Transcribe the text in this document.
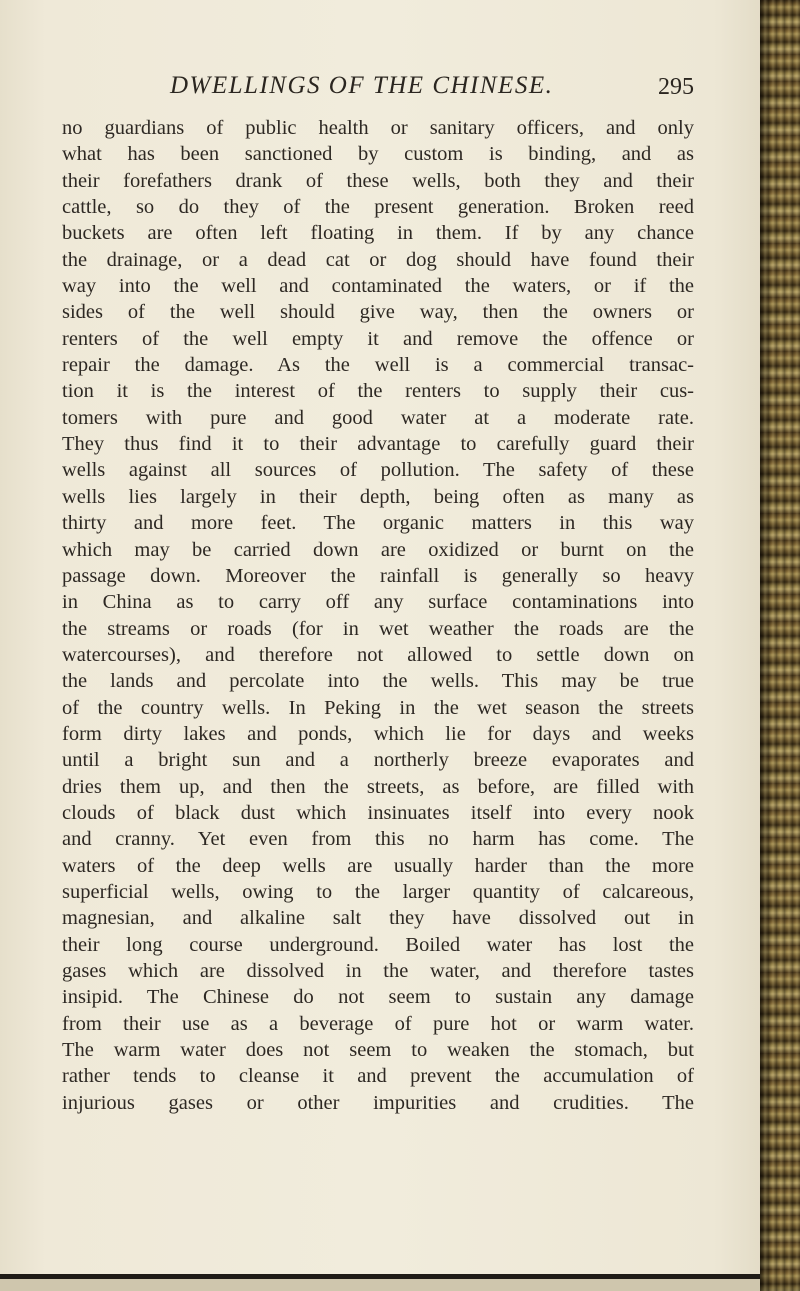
DWELLINGS OF THE CHINESE.	295
no guardians of public health or sanitary officers, and only
what has been sanctioned by custom is binding, and as
their forefathers drank of these wells, both they and their
cattle, so do they of the present generation. Broken reed
buckets are often left floating in them. If by any chance
the drainage, or a dead cat or dog should have found their
way into the well and contaminated the waters, or if the
sides of the well should give way, then the owners or
renters of the well empty it and remove the offence or
repair the damage. As the well is a commercial transac-
tion it is the interest of the renters to supply their cus-
tomers with pure and good water at a moderate rate.
They thus find it to their advantage to carefully guard their
wells against all sources of pollution. The safety of these
wells lies largely in their depth, being often as many as
thirty and more feet. The organic matters in this way
which may be carried down are oxidized or burnt on the
passage down. Moreover the rainfall is generally so heavy
in China as to carry off any surface contaminations into
the streams or roads (for in wet weather the roads are the
watercourses), and therefore not allowed to settle down on
the lands and percolate into the wells. This may be true
of the country wells. In Peking in the wet season the streets
form dirty lakes and ponds, which lie for days and weeks
until a bright sun and a northerly breeze evaporates and
dries them up, and then the streets, as before, are filled with
clouds of black dust which insinuates itself into every nook
and cranny. Yet even from this no harm has come. The
waters of the deep wells are usually harder than the more
superficial wells, owing to the larger quantity of calcareous,
magnesian, and alkaline salt they have dissolved out in
their long course underground. Boiled water has lost the
gases which are dissolved in the water, and therefore tastes
insipid. The Chinese do not seem to sustain any damage
from their use as a beverage of pure hot or warm water.
The warm water does not seem to weaken the stomach, but
rather tends to cleanse it and prevent the accumulation of
injurious gases or other impurities and crudities. The
